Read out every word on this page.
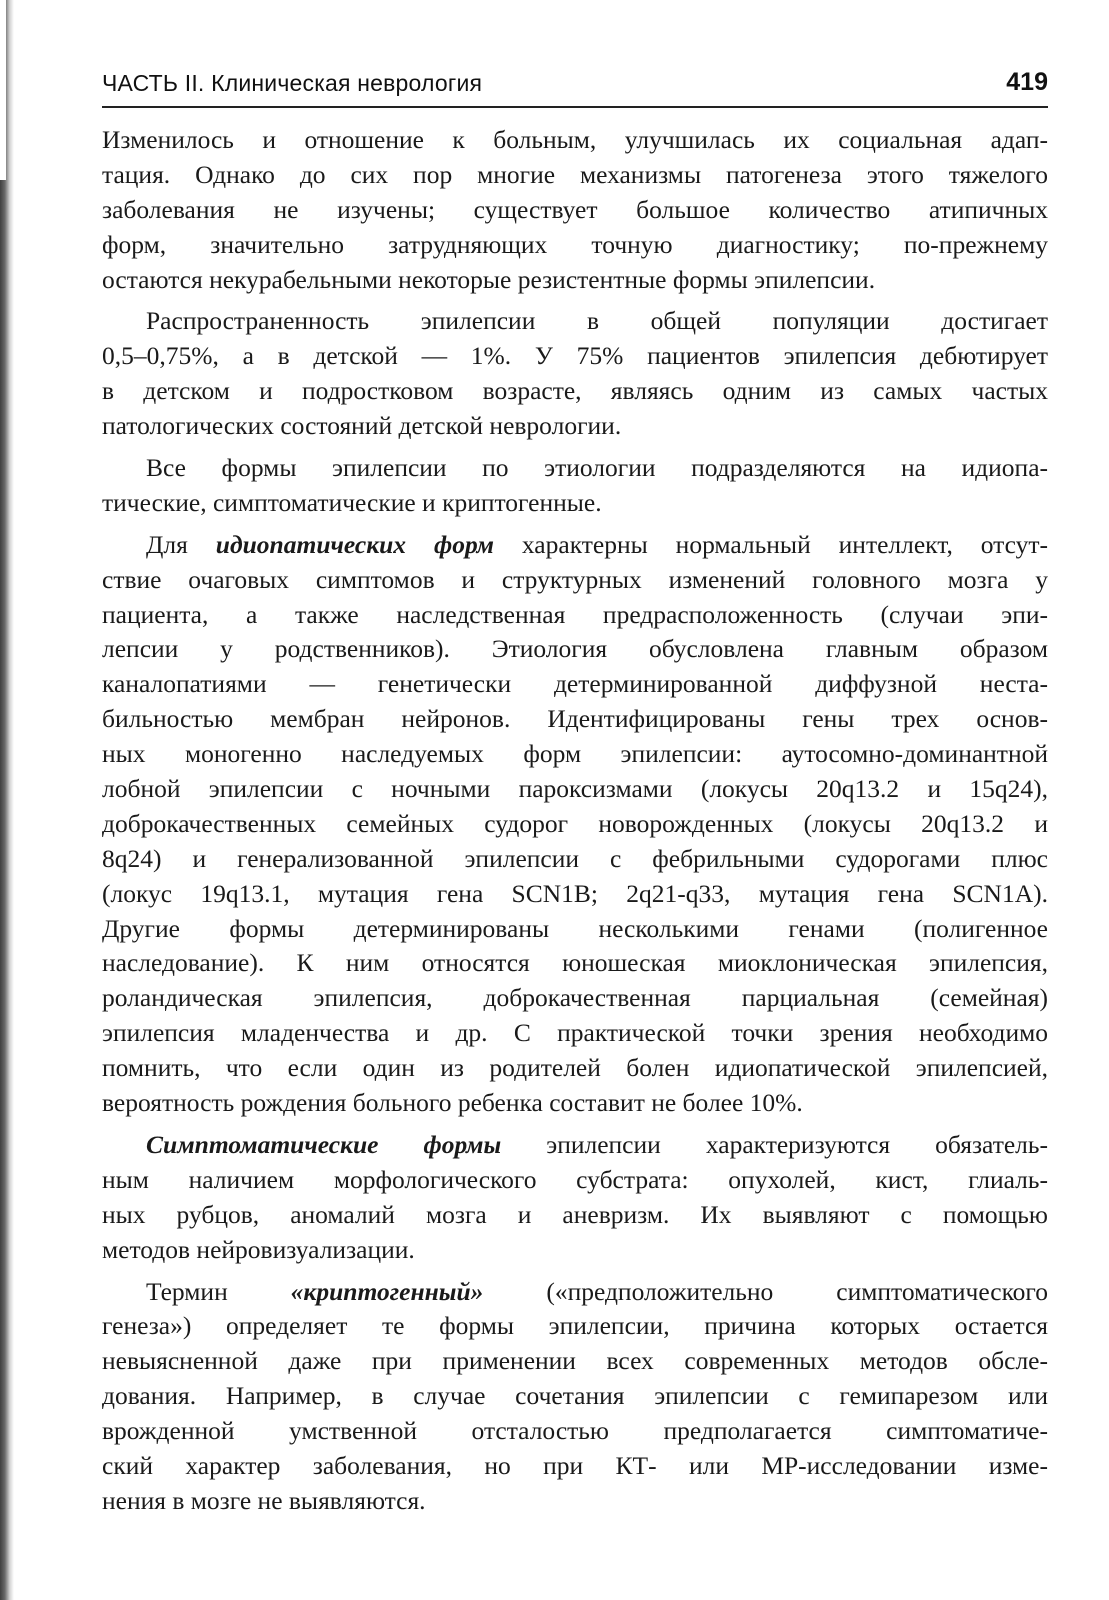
ЧАСТЬ II. Клиническая неврология	419
Изменилось и отношение к больным, улучшилась их социальная адап-
тация. Однако до сих пор многие механизмы патогенеза этого тяжелого
заболевания не изучены; существует большое количество атипичных
форм, значительно затрудняющих точную диагностику; по-прежнему
остаются некурабельными некоторые резистентные формы эпилепсии.
Распространенность эпилепсии в общей популяции достигает
0,5–0,75%, а в детской — 1%. У 75% пациентов эпилепсия дебютирует
в детском и подростковом возрасте, являясь одним из самых частых
патологических состояний детской неврологии.
Все формы эпилепсии по этиологии подразделяются на идиопа-
тические, симптоматические и криптогенные.
Для идиопатических форм характерны нормальный интеллект, отсут-
ствие очаговых симптомов и структурных изменений головного мозга у
пациента, а также наследственная предрасположенность (случаи эпи-
лепсии у родственников). Этиология обусловлена главным образом
каналопатиями — генетически детерминированной диффузной неста-
бильностью мембран нейронов. Идентифицированы гены трех основ-
ных моногенно наследуемых форм эпилепсии: аутосомно-доминантной
лобной эпилепсии с ночными пароксизмами (локусы 20q13.2 и 15q24),
доброкачественных семейных судорог новорожденных (локусы 20q13.2 и
8q24) и генерализованной эпилепсии с фебрильными судорогами плюс
(локус 19q13.1, мутация гена SCN1B; 2q21-q33, мутация гена SCN1A).
Другие формы детерминированы несколькими генами (полигенное
наследование). К ним относятся юношеская миоклоническая эпилепсия,
роландическая эпилепсия, доброкачественная парциальная (семейная)
эпилепсия младенчества и др. С практической точки зрения необходимо
помнить, что если один из родителей болен идиопатической эпилепсией,
вероятность рождения больного ребенка составит не более 10%.
Симптоматические формы эпилепсии характеризуются обязатель-
ным наличием морфологического субстрата: опухолей, кист, глиаль-
ных рубцов, аномалий мозга и аневризм. Их выявляют с помощью
методов нейровизуализации.
Термин «криптогенный» («предположительно симптоматического
генеза») определяет те формы эпилепсии, причина которых остается
невыясненной даже при применении всех современных методов обсле-
дования. Например, в случае сочетания эпилепсии с гемипарезом или
врожденной умственной отсталостью предполагается симптоматиче-
ский характер заболевания, но при КТ- или МР-исследовании изме-
нения в мозге не выявляются.
